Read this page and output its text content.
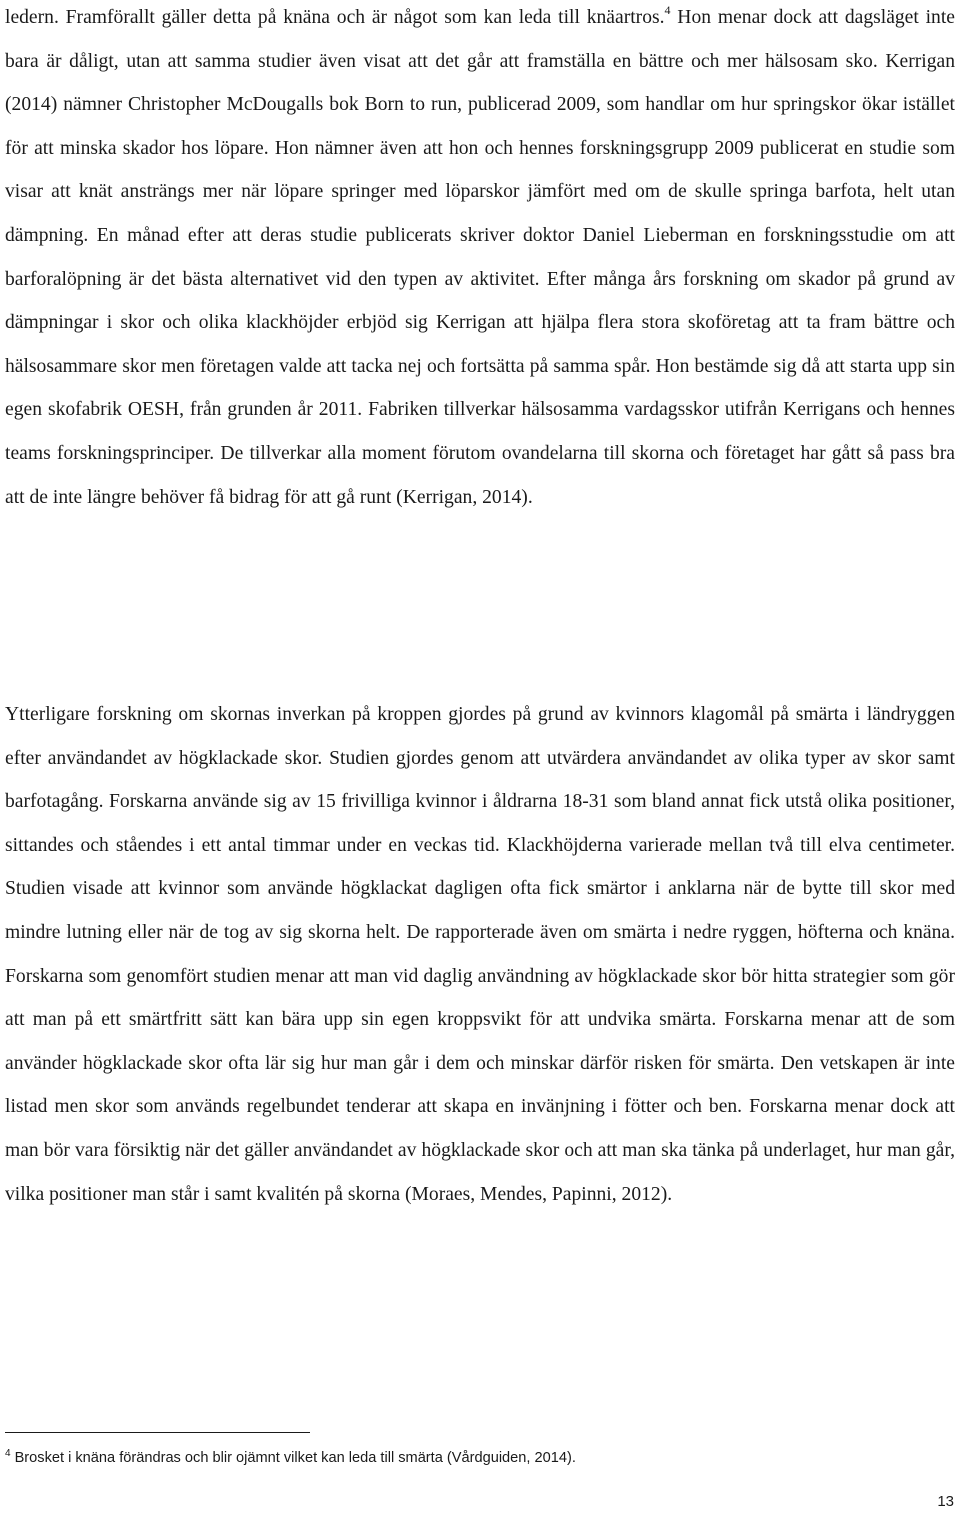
ledern. Framförallt gäller detta på knäna och är något som kan leda till knäartros.$^4$ Hon menar dock att dagsläget inte bara är dåligt, utan att samma studier även visat att det går att framställa en bättre och mer hälsosam sko. Kerrigan (2014) nämner Christopher McDougalls bok Born to run, publicerad 2009, som handlar om hur springskor ökar istället för att minska skador hos löpare. Hon nämner även att hon och hennes forskningsgrupp 2009 publicerat en studie som visar att knät ansträngs mer när löpare springer med löparskor jämfört med om de skulle springa barfota, helt utan dämpning. En månad efter att deras studie publicerats skriver doktor Daniel Lieberman en forskningsstudie om att barforalöpning är det bästa alternativet vid den typen av aktivitet. Efter många års forskning om skador på grund av dämpningar i skor och olika klackhöjder erbjöd sig Kerrigan att hjälpa flera stora skoföretag att ta fram bättre och hälsosammare skor men företagen valde att tacka nej och fortsätta på samma spår. Hon bestämde sig då att starta upp sin egen skofabrik OESH, från grunden år 2011. Fabriken tillverkar hälsosamma vardagsskor utifrån Kerrigans och hennes teams forskningsprinciper. De tillverkar alla moment förutom ovandelarna till skorna och företaget har gått så pass bra att de inte längre behöver få bidrag för att gå runt (Kerrigan, 2014).

Ytterligare forskning om skornas inverkan på kroppen gjordes på grund av kvinnors klagomål på smärta i ländryggen efter användandet av högklackade skor. Studien gjordes genom att utvärdera användandet av olika typer av skor samt barfotagång. Forskarna använde sig av 15 frivilliga kvinnor i åldrarna 18-31 som bland annat fick utstå olika positioner, sittandes och ståendes i ett antal timmar under en veckas tid. Klackhöjderna varierade mellan två till elva centimeter. Studien visade att kvinnor som använde högklackat dagligen ofta fick smärtor i anklarna när de bytte till skor med mindre lutning eller när de tog av sig skorna helt. De rapporterade även om smärta i nedre ryggen, höfterna och knäna. Forskarna som genomfört studien menar att man vid daglig användning av högklackade skor bör hitta strategier som gör att man på ett smärtfritt sätt kan bära upp sin egen kroppsvikt för att undvika smärta. Forskarna menar att de som använder högklackade skor ofta lär sig hur man går i dem och minskar därför risken för smärta. Den vetskapen är inte listad men skor som används regelbundet tenderar att skapa en invänjning i fötter och ben. Forskarna menar dock att man bör vara försiktig när det gäller användandet av högklackade skor och att man ska tänka på underlaget, hur man går, vilka positioner man står i samt kvalitén på skorna (Moraes, Mendes, Papinni, 2012).

$^4$ Brosket i knäna förändras och blir ojämnt vilket kan leda till smärta (Vårdguiden, 2014).
13
